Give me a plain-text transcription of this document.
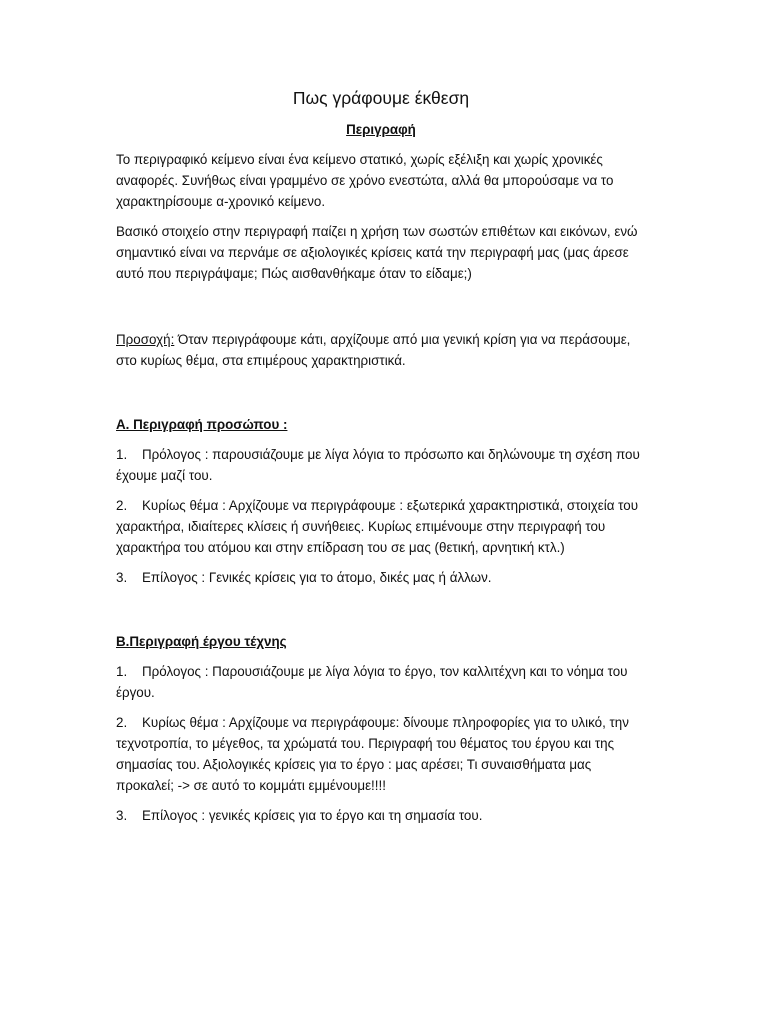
Πως γράφουμε έκθεση
Περιγραφή

Το περιγραφικό κείμενο είναι ένα κείμενο στατικό, χωρίς εξέλιξη και χωρίς χρονικές αναφορές. Συνήθως είναι γραμμένο σε χρόνο ενεστώτα, αλλά θα μπορούσαμε να το χαρακτηρίσουμε α-χρονικό κείμενο.

Βασικό στοιχείο στην περιγραφή παίζει η χρήση των σωστών επιθέτων και εικόνων, ενώ σημαντικό είναι να περνάμε σε αξιολογικές κρίσεις κατά την περιγραφή μας (μας άρεσε αυτό που περιγράψαμε; Πώς αισθανθήκαμε όταν το είδαμε;)

Προσοχή: Όταν περιγράφουμε κάτι, αρχίζουμε από μια γενική κρίση για να περάσουμε, στο κυρίως θέμα, στα επιμέρους χαρακτηριστικά.

Α. Περιγραφή προσώπου :

1. Πρόλογος : παρουσιάζουμε με λίγα λόγια το πρόσωπο και δηλώνουμε τη σχέση που έχουμε μαζί του.

2. Κυρίως θέμα : Αρχίζουμε να περιγράφουμε : εξωτερικά χαρακτηριστικά, στοιχεία του χαρακτήρα, ιδιαίτερες κλίσεις ή συνήθειες. Κυρίως επιμένουμε στην περιγραφή του χαρακτήρα του ατόμου και στην επίδραση του σε μας (θετική, αρνητική κτλ.)

3. Επίλογος : Γενικές κρίσεις για το άτομο, δικές μας ή άλλων.

Β.Περιγραφή έργου τέχνης

1. Πρόλογος : Παρουσιάζουμε με λίγα λόγια το έργο, τον καλλιτέχνη και το νόημα του έργου.

2. Κυρίως θέμα : Αρχίζουμε να περιγράφουμε: δίνουμε πληροφορίες για το υλικό, την τεχνοτροπία, το μέγεθος, τα χρώματά του. Περιγραφή του θέματος του έργου και της σημασίας του. Αξιολογικές κρίσεις για το έργο : μας αρέσει; Τι συναισθήματα μας προκαλεί; -> σε αυτό το κομμάτι εμμένουμε!!!!

3. Επίλογος : γενικές κρίσεις για το έργο και τη σημασία του.
